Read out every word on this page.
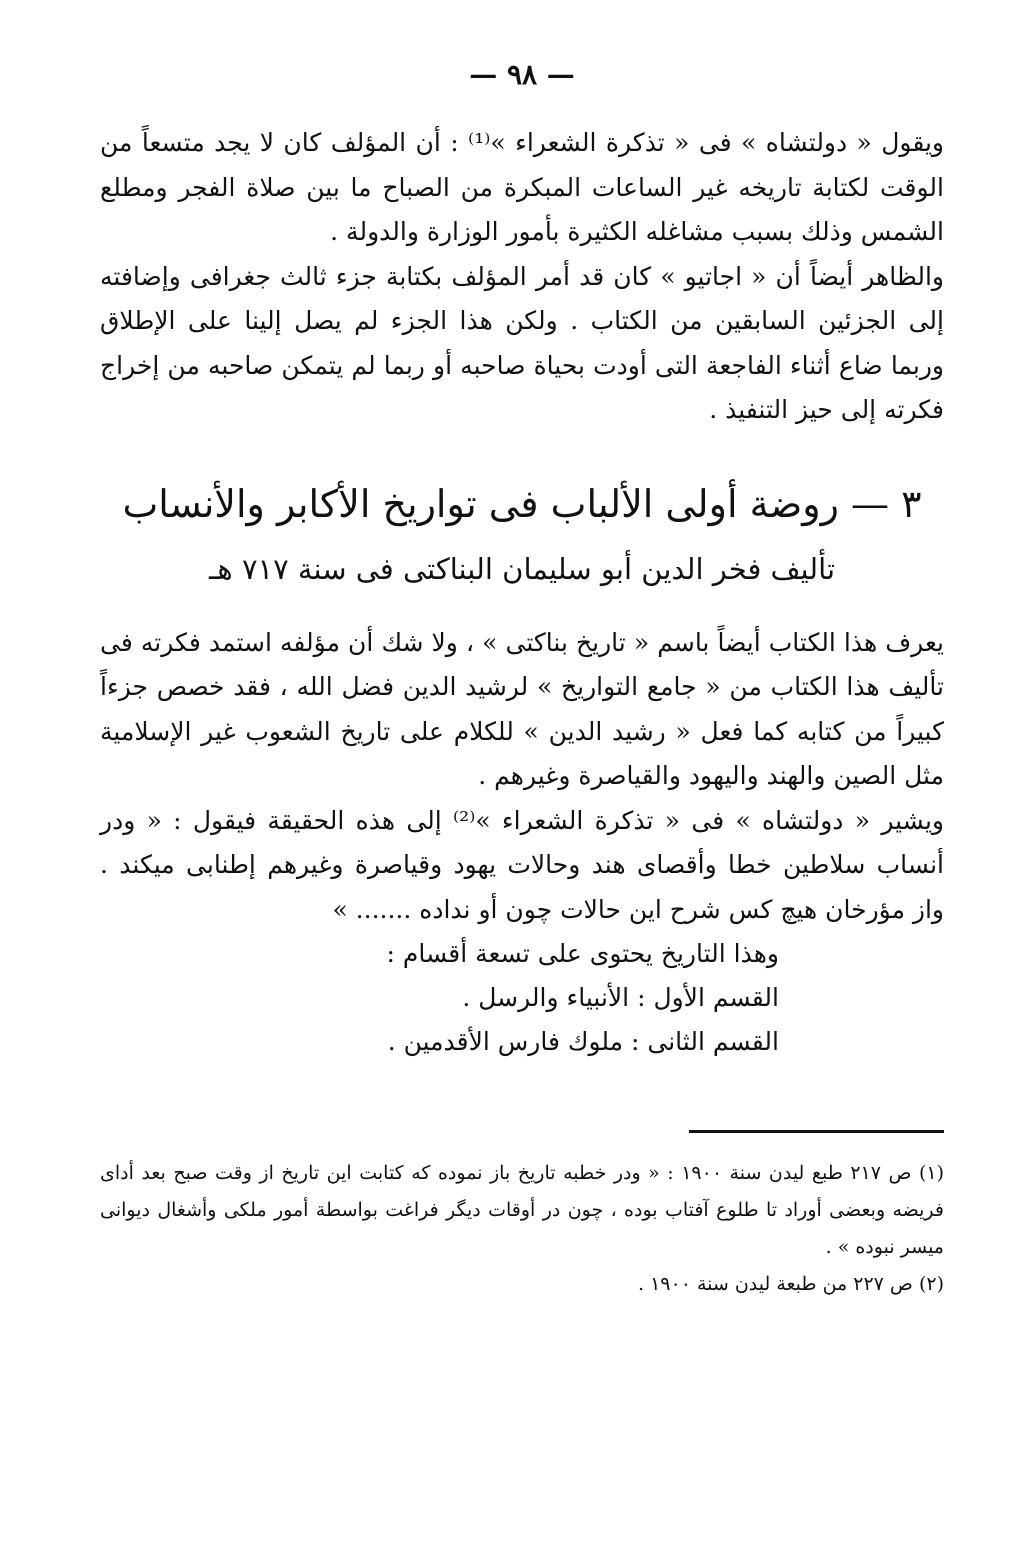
— ٩٨ —

ويقول « دولتشاه » فى « تذكرة الشعراء »⁽¹⁾ : أن المؤلف كان لا يجد متسعاً من الوقت لكتابة تاريخه غير الساعات المبكرة من الصباح ما بين صلاة الفجر ومطلع الشمس وذلك بسبب مشاغله الكثيرة بأمور الوزارة والدولة .

والظاهر أيضاً أن « اجاتيو » كان قد أمر المؤلف بكتابة جزء ثالث جغرافى وإضافته إلى الجزئين السابقين من الكتاب . ولكن هذا الجزء لم يصل إلينا على الإطلاق وربما ضاع أثناء الفاجعة التى أودت بحياة صاحبه أو ربما لم يتمكن صاحبه من إخراج فكرته إلى حيز التنفيذ .

٣ — روضة أولى الألباب فى تواريخ الأكابر والأنساب
تأليف فخر الدين أبو سليمان البناكتى فى سنة ٧١٧ هـ

يعرف هذا الكتاب أيضاً باسم « تاريخ بناكتى » ، ولا شك أن مؤلفه استمد فكرته فى تأليف هذا الكتاب من « جامع التواريخ » لرشيد الدين فضل الله ، فقد خصص جزءاً كبيراً من كتابه كما فعل « رشيد الدين » للكلام على تاريخ الشعوب غير الإسلامية مثل الصين والهند واليهود والقياصرة وغيرهم .

ويشير « دولتشاه » فى « تذكرة الشعراء »⁽²⁾ إلى هذه الحقيقة فيقول : « ودر أنساب سلاطين خطا وأقصاى هند وحالات يهود وقياصرة وغيرهم إطنابى ميكند . واز مؤرخان هيچ كس شرح اين حالات چون أو نداده ....... »

وهذا التاريخ يحتوى على تسعة أقسام :
القسم الأول : الأنبياء والرسل .
القسم الثانى : ملوك فارس الأقدمين .

(١) ص ٢١٧ طبع ليدن سنة ١٩٠٠ : « ودر خطبه تاريخ باز نموده كه كتابت اين تاريخ از وقت صبح بعد أداى فريضه وبعضى أوراد تا طلوع آفتاب بوده ، چون در أوقات ديگر فراغت بواسطة أمور ملكى وأشغال ديوانى ميسر نبوده » .

(٢) ص ٢٢٧ من طبعة ليدن سنة ١٩٠٠ .
